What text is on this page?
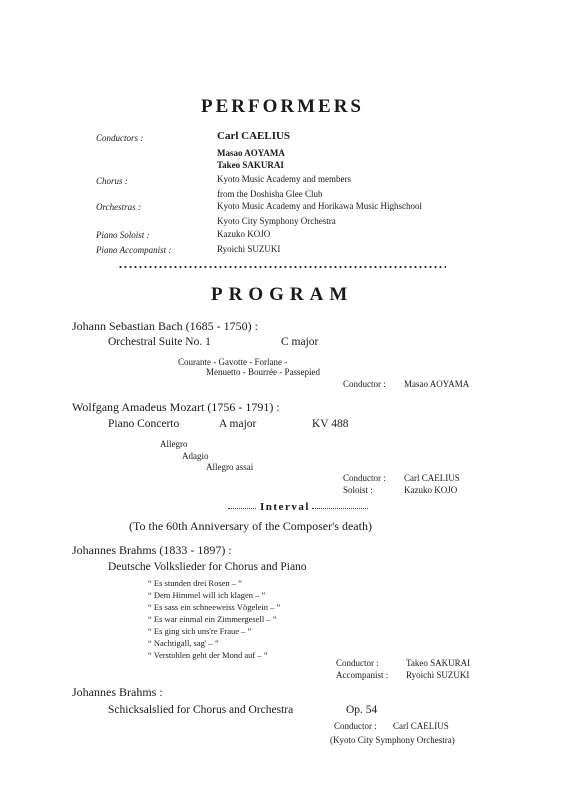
PERFORMERS
Conductors :	Carl CAELIUS
Masao AOYAMA
Takeo SAKURAI
Chorus :	Kyoto Music Academy and members
from the Doshisha Glee Club
Orchestras :	Kyoto Music Academy and Horikawa Music Highschool
Kyoto City Symphony Orchestra
Piano Soloist :	Kazuko KOJO
Piano Accompanist :	Ryoichi SUZUKI
PROGRAM
Johann Sebastian Bach (1685 - 1750) :
Orchestral Suite No. 1	C major
Courante - Gavotte - Forlane -
Menuetto - Bourrée - Passepied
Conductor : Masao AOYAMA
Wolfgang Amadeus Mozart (1756 - 1791) :
Piano Concerto	A major	KV 488
Allegro
Adagio
Allegro assai
Conductor : Carl CAELIUS
Soloist :	Kazuko KOJO
Interval
(To the 60th Anniversary of the Composer's death)
Johannes Brahms (1833 - 1897) :
Deutsche Volkslieder for Chorus and Piano
“ Es stunden drei Rosen – ”
“ Dem Himmel will ich klagen – ”
“ Es sass ein schneeweiss Vögelein – ”
“ Es war einmal ein Zimmergesell – ”
“ Es ging sich uns're Fraue – ”
“ Nachtigall, sag' – ”
“ Verstohlen geht der Mond auf – ”
Conductor :	Takeo SAKURAI
Accompanist : Ryoichi SUZUKI
Johannes Brahms :
Schicksalslied for Chorus and Orchestra	Op. 54
Conductor : Carl CAELIUS
(Kyoto City Symphony Orchestra)
